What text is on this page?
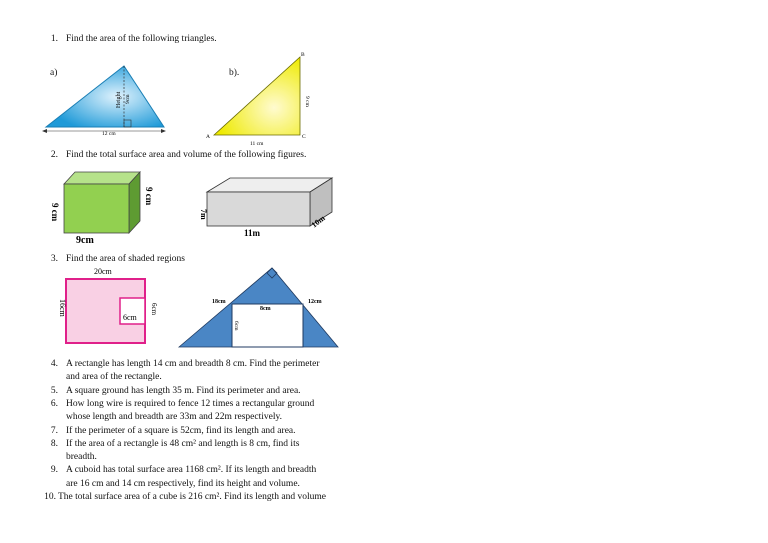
1. Find the area of the following triangles.
a)	b).
Height 9cm
12 cm
B
A	C
9 cm
11 cm
2. Find the total surface area and volume of the following figures.
9 cm
9 cm
9cm
7m
11m
10m
3. Find the area of shaded regions
20cm
6cm
16cm	6cm
18cm	12cm
8cm
6cm
4. A rectangle has length 14 cm and breadth 8 cm. Find the perimeter
and area of the rectangle.
5. A square ground has length 35 m. Find its perimeter and area.
6. How long wire is required to fence 12 times a rectangular ground
whose length and breadth are 33m and 22m respectively.
7. If the perimeter of a square is 52cm, find its length and area.
8. If the area of a rectangle is 48 cm² and length is 8 cm, find its
breadth.
9. A cuboid has total surface area 1168 cm². If its length and breadth
are 16 cm and 14 cm respectively, find its height and volume.
10. The total surface area of a cube is 216 cm². Find its length and volume
